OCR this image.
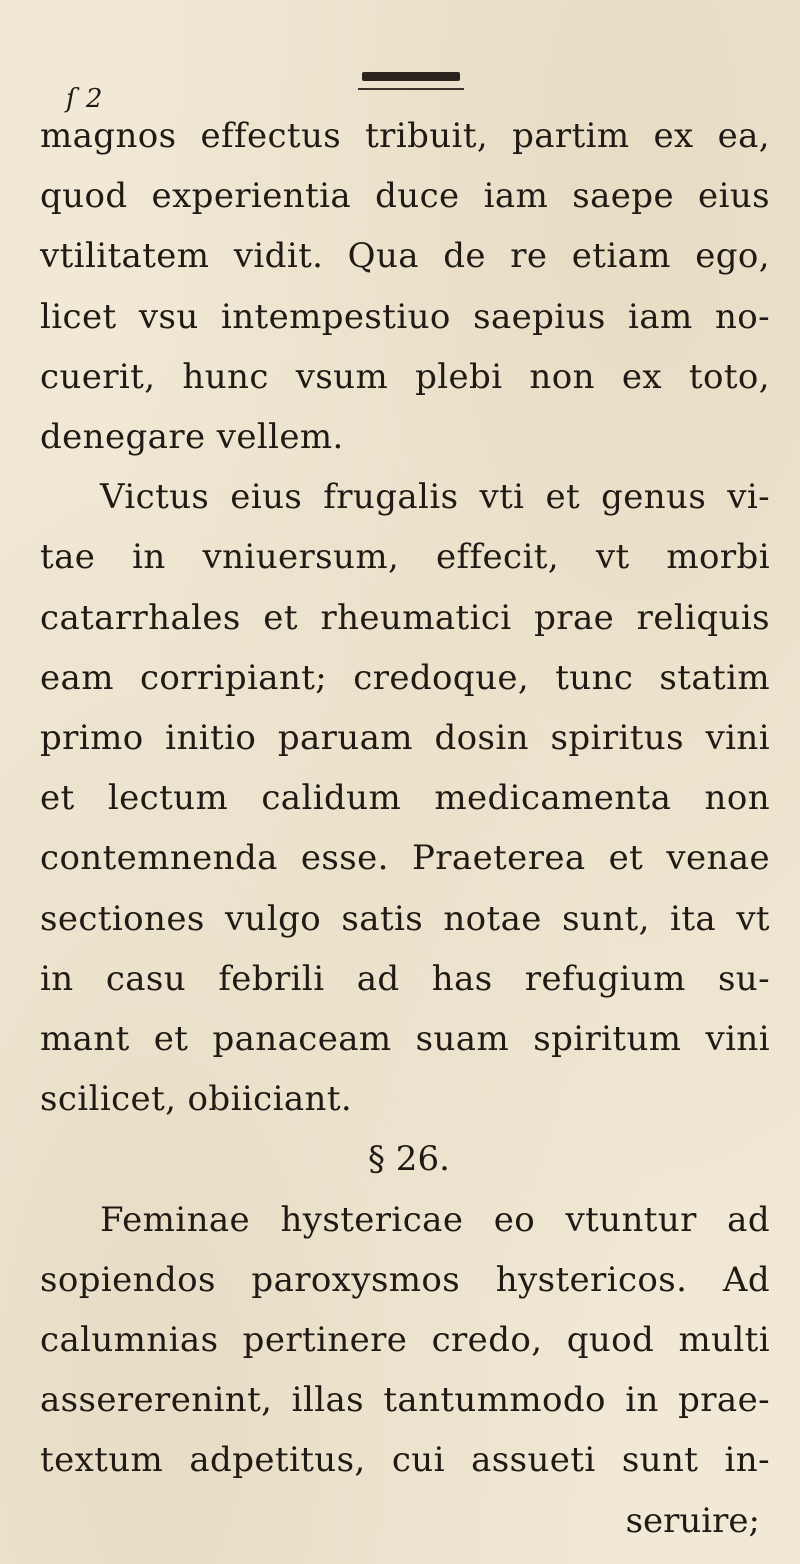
ſ 2
magnos effectus tribuit, partim ex ea,
quod experientia duce iam saepe eius
vtilitatem vidit. Qua de re etiam ego,
licet vsu intempestiuo saepius iam no-
cuerit, hunc vsum plebi non ex toto,
denegare vellem.
Victus eius frugalis vti et genus vi-
tae in vniuersum, effecit, vt morbi
catarrhales et rheumatici prae reliquis
eam corripiant; credoque, tunc statim
primo initio paruam dosin spiritus vini
et lectum calidum medicamenta non
contemnenda esse. Praeterea et venae
sectiones vulgo satis notae sunt, ita vt
in casu febrili ad has refugium su-
mant et panaceam suam spiritum vini
scilicet, obiiciant.
§ 26.
Feminae hystericae eo vtuntur ad
sopiendos paroxysmos hystericos. Ad
calumnias pertinere credo, quod multi
assererenint, illas tantummodo in prae-
textum adpetitus, cui assueti sunt in-
seruire;
